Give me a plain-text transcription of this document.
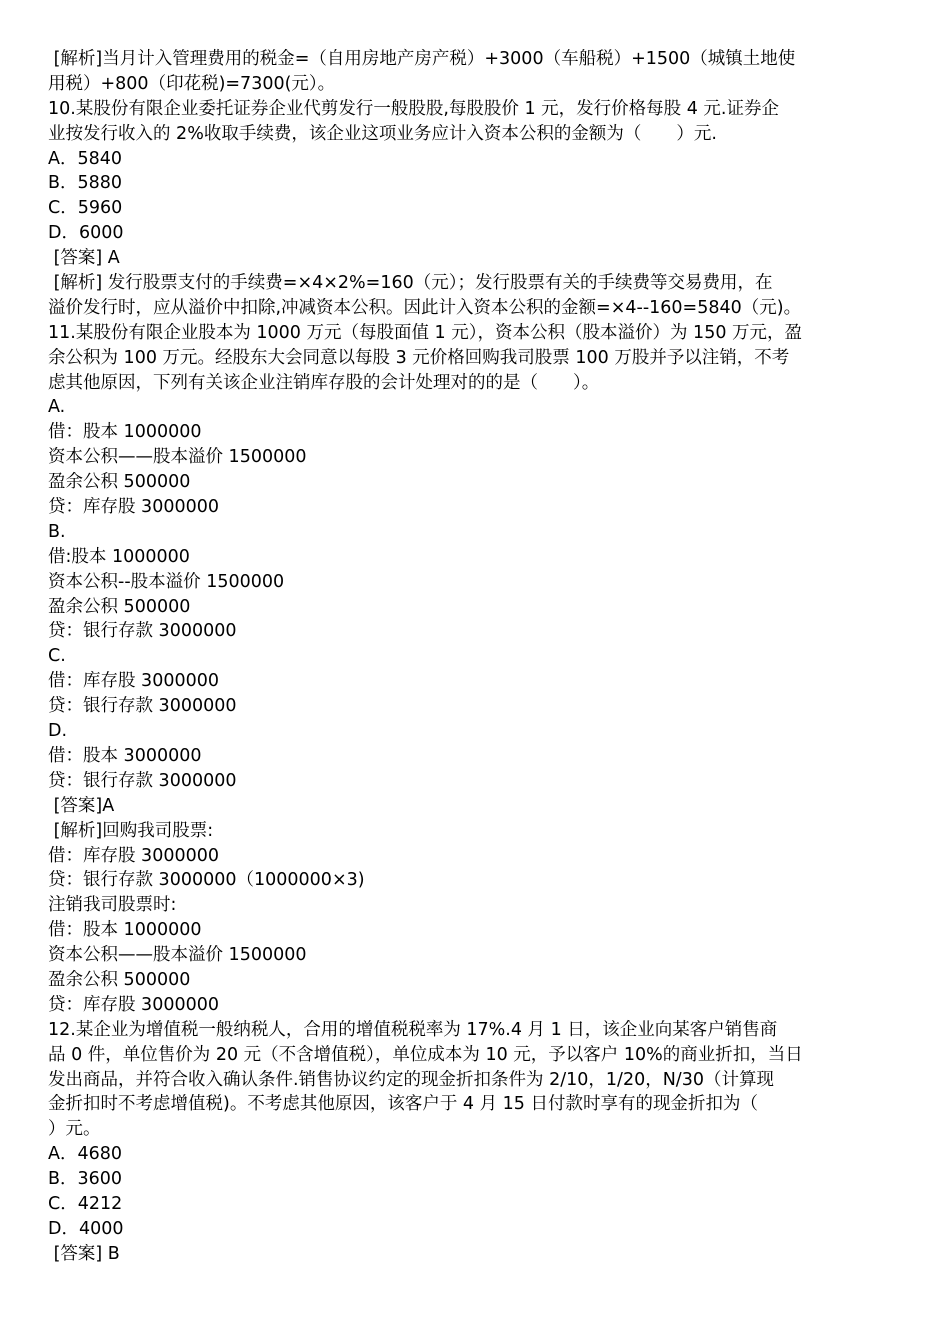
[解析]当月计入管理费用的税金=（自用房地产房产税）+3000（车船税）+1500（城镇土地使
用税）+800（印花税)=7300(元）。
10.某股份有限企业委托证券企业代剪发行一般股股,每股股价 1 元，发行价格每股 4 元.证券企
业按发行收入的 2%收取手续费，该企业这项业务应计入资本公积的金额为（　　）元.
A．5840
B．5880
C．5960
D．6000
[答案] A
[解析] 发行股票支付的手续费=×4×2%=160（元）；发行股票有关的手续费等交易费用，在
溢价发行时，应从溢价中扣除,冲减资本公积。因此计入资本公积的金额=×4--160=5840（元)。
11.某股份有限企业股本为 1000 万元（每股面值 1 元），资本公积（股本溢价）为 150 万元，盈
余公积为 100 万元。经股东大会同意以每股 3 元价格回购我司股票 100 万股并予以注销，不考
虑其他原因，下列有关该企业注销库存股的会计处理对的的是（　　）。
A.
借：股本 1000000
资本公积——股本溢价 1500000
盈余公积 500000
贷：库存股 3000000
B.
借:股本 1000000
资本公积--股本溢价 1500000
盈余公积 500000
贷：银行存款 3000000
C.
借：库存股 3000000
贷：银行存款 3000000
D.
借：股本 3000000
贷：银行存款 3000000
[答案]A
[解析]回购我司股票:
借：库存股 3000000
贷：银行存款 3000000（1000000×3)
注销我司股票时:
借：股本 1000000
资本公积——股本溢价 1500000
盈余公积 500000
贷：库存股 3000000
12.某企业为增值税一般纳税人，合用的增值税税率为 17%.4 月 1 日，该企业向某客户销售商
品 0 件，单位售价为 20 元（不含增值税），单位成本为 10 元，予以客户 10%的商业折扣，当日
发出商品，并符合收入确认条件.销售协议约定的现金折扣条件为 2/10，1/20，N/30（计算现
金折扣时不考虑增值税)。不考虑其他原因，该客户于 4 月 15 日付款时享有的现金折扣为（
）元。
A．4680
B．3600
C．4212
D．4000
[答案] B
